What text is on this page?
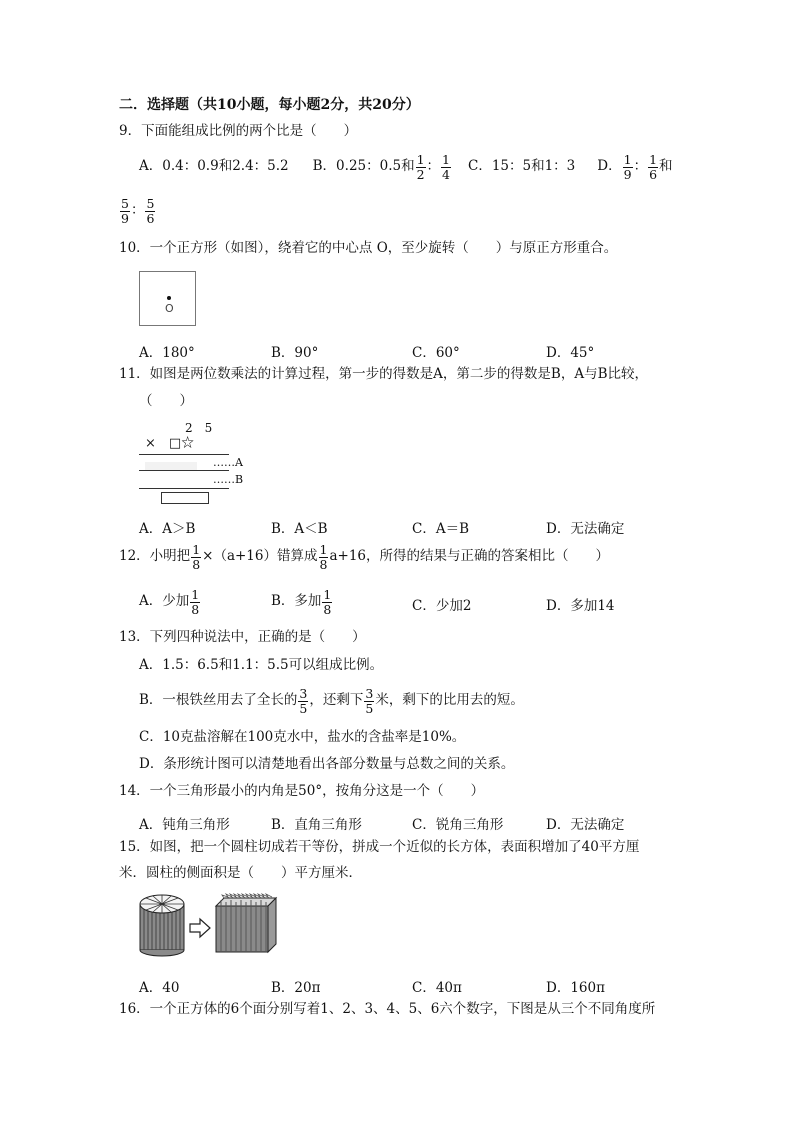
二．选择题（共10小题，每小题2分，共20分）
9．下面能组成比例的两个比是（　　）
A．0.4：0.9和2.4：5.2 B．0.25：0.5和 $\frac{1}{2}$ ： $\frac{1}{4}$ C．15：5和1：3 D． $\frac{1}{9}$ ： $\frac{1}{6}$ 和
$\frac{5}{9}$ ： $\frac{5}{6}$
10．一个正方形（如图），绕着它的中心点 O，至少旋转（　　）与原正方形重合。
O
A．180°	B．90°	C．60°	D．45°
11．如图是两位数乘法的计算过程，第一步的得数是A，第二步的得数是B，A与B比较，
（　　）
2　5
×　□☆
……A
……B
A．A＞B	B．A＜B	C．A＝B	D．无法确定
12．小明把 $\frac{1}{8} \times(a+16)$错算成 $\frac{1}{8} a+16$，所得的结果与正确的答案相比（　　）
A．少加 $\frac{1}{8}$	B．多加 $\frac{1}{8}$	C．少加2	D．多加14
13．下列四种说法中，正确的是（　　）
A．1.5：6.5和1.1：5.5可以组成比例。
B．一根铁丝用去了全长的 $\frac{3}{5}$ ，还剩下 $\frac{3}{5}$ 米，剩下的比用去的短。
C．10克盐溶解在100克水中，盐水的含盐率是10%。
D．条形统计图可以清楚地看出各部分数量与总数之间的关系。
14．一个三角形最小的内角是50°，按角分这是一个（　　）
A．钝角三角形	B．直角三角形	C．锐角三角形	D．无法确定
15．如图，把一个圆柱切成若干等份，拼成一个近似的长方体，表面积增加了40平方厘
米．圆柱的侧面积是（　　）平方厘米．
A．40	B．20π	C．40π	D．160π
16．一个正方体的6个面分别写着1、2、3、4、5、6六个数字，下图是从三个不同角度所
